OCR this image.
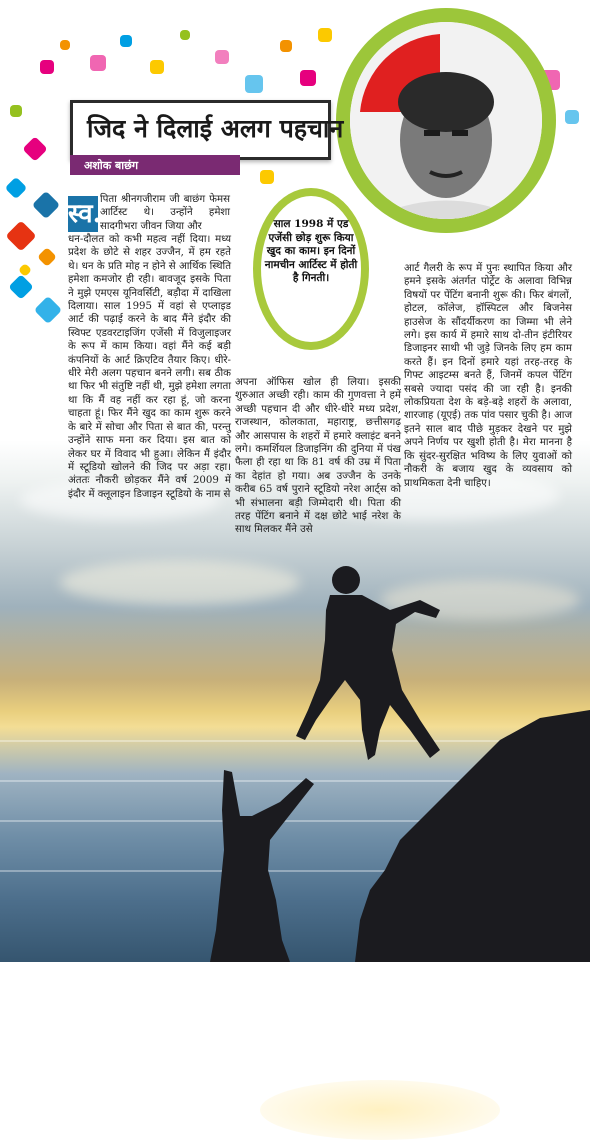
जिद ने दिलाई अलग पहचान
अशोक बाछंग
स्व.
पिता श्रीनगजीराम जी बाछंग फेमस आर्टिस्ट थे। उन्होंने हमेशा सादगीभरा जीवन जिया और
धन-दौलत को कभी महत्व नहीं दिया। मध्य प्रदेश के छोटे से शहर उज्जैन, में हम रहते थे। धन के प्रति मोह न होने से आर्थिक स्थिति हमेशा कमजोर ही रही। बावजूद इसके पिता ने मुझे एमएस यूनिवर्सिटी, बड़ौदा में दाखिला दिलाया। साल 1995 में वहां से एप्लाइड आर्ट की पढ़ाई करने के बाद मैंने इंदौर की स्विफ्ट एडवरटाइजिंग एजेंसी में विजुलाइजर के रूप में काम किया। वहां मैंने कई बड़ी कंपनियों के आर्ट क्रिएटिव तैयार किए। धीरे-धीरे मेरी अलग पहचान बनने लगी। सब ठीक था फिर भी संतुष्टि नहीं थी, मुझे हमेशा लगता था कि मैं वह नहीं कर रहा हूं, जो करना चाहता हूं। फिर मैंने खुद का काम शुरू करने के बारे में सोचा और पिता से बात की, परन्तु उन्होंने साफ मना कर दिया। इस बात को लेकर घर में विवाद भी हुआ। लेकिन मैं इंदौर में स्टूडियो खोलने की जिद पर अड़ा रहा। अंततः नौकरी छोड़कर मैंने वर्ष 2009 में इंदौर में क्लूलाइन डिजाइन स्टूडियो के नाम से
साल 1998 में एड एजेंसी छोड़ शुरू किया खुद का काम। इन दिनों नामचीन आर्टिस्ट में होती है गिनती।
अपना ऑफिस खोल ही लिया। इसकी शुरुआत अच्छी रही। काम की गुणवत्ता ने हमें अच्छी पहचान दी और धीरे-धीरे मध्य प्रदेश, राजस्थान, कोलकाता, महाराष्ट्र, छत्तीसगढ़ और आसपास के शहरों में हमारे क्लाइंट बनने लगे। कमर्शियल डिजाइनिंग की दुनिया में पंख फैला ही रहा था कि 81 वर्ष की उम्र में पिता का देहांत हो गया। अब उज्जैन के उनके करीब 65 वर्ष पुराने स्टूडियो नरेश आर्ट्स को भी संभालना बड़ी जिम्मेदारी थी। पिता की तरह पेंटिंग बनाने में दक्ष छोटे भाई नरेश के साथ मिलकर मैंने उसे
आर्ट गैलरी के रूप में पुनः स्थापित किया और हमने इसके अंतर्गत पोर्ट्रेट के अलावा विभिन्न विषयों पर पेंटिंग बनानी शुरू की। फिर बंगलों, होटल, कॉलेज, हॉस्पिटल और बिजनेस हाउसेज के सौंदर्यीकरण का जिम्मा भी लेने लगे। इस कार्य में हमारे साथ दो-तीन इंटीरियर डिजाइनर साथी भी जुड़े जिनके लिए हम काम करते हैं। इन दिनों हमारे यहां तरह-तरह के गिफ्ट आइटम्स बनते हैं, जिनमें कपल पेंटिंग सबसे ज्यादा पसंद की जा रही है। इनकी लोकप्रियता देश के बड़े-बड़े शहरों के अलावा, शारजाह (यूएई) तक पांव पसार चुकी है। आज इतने साल बाद पीछे मुड़कर देखने पर मुझे अपने निर्णय पर खुशी होती है। मेरा मानना है कि सुंदर-सुरक्षित भविष्य के लिए युवाओं को नौकरी के बजाय खुद के व्यवसाय को प्राथमिकता देनी चाहिए।
